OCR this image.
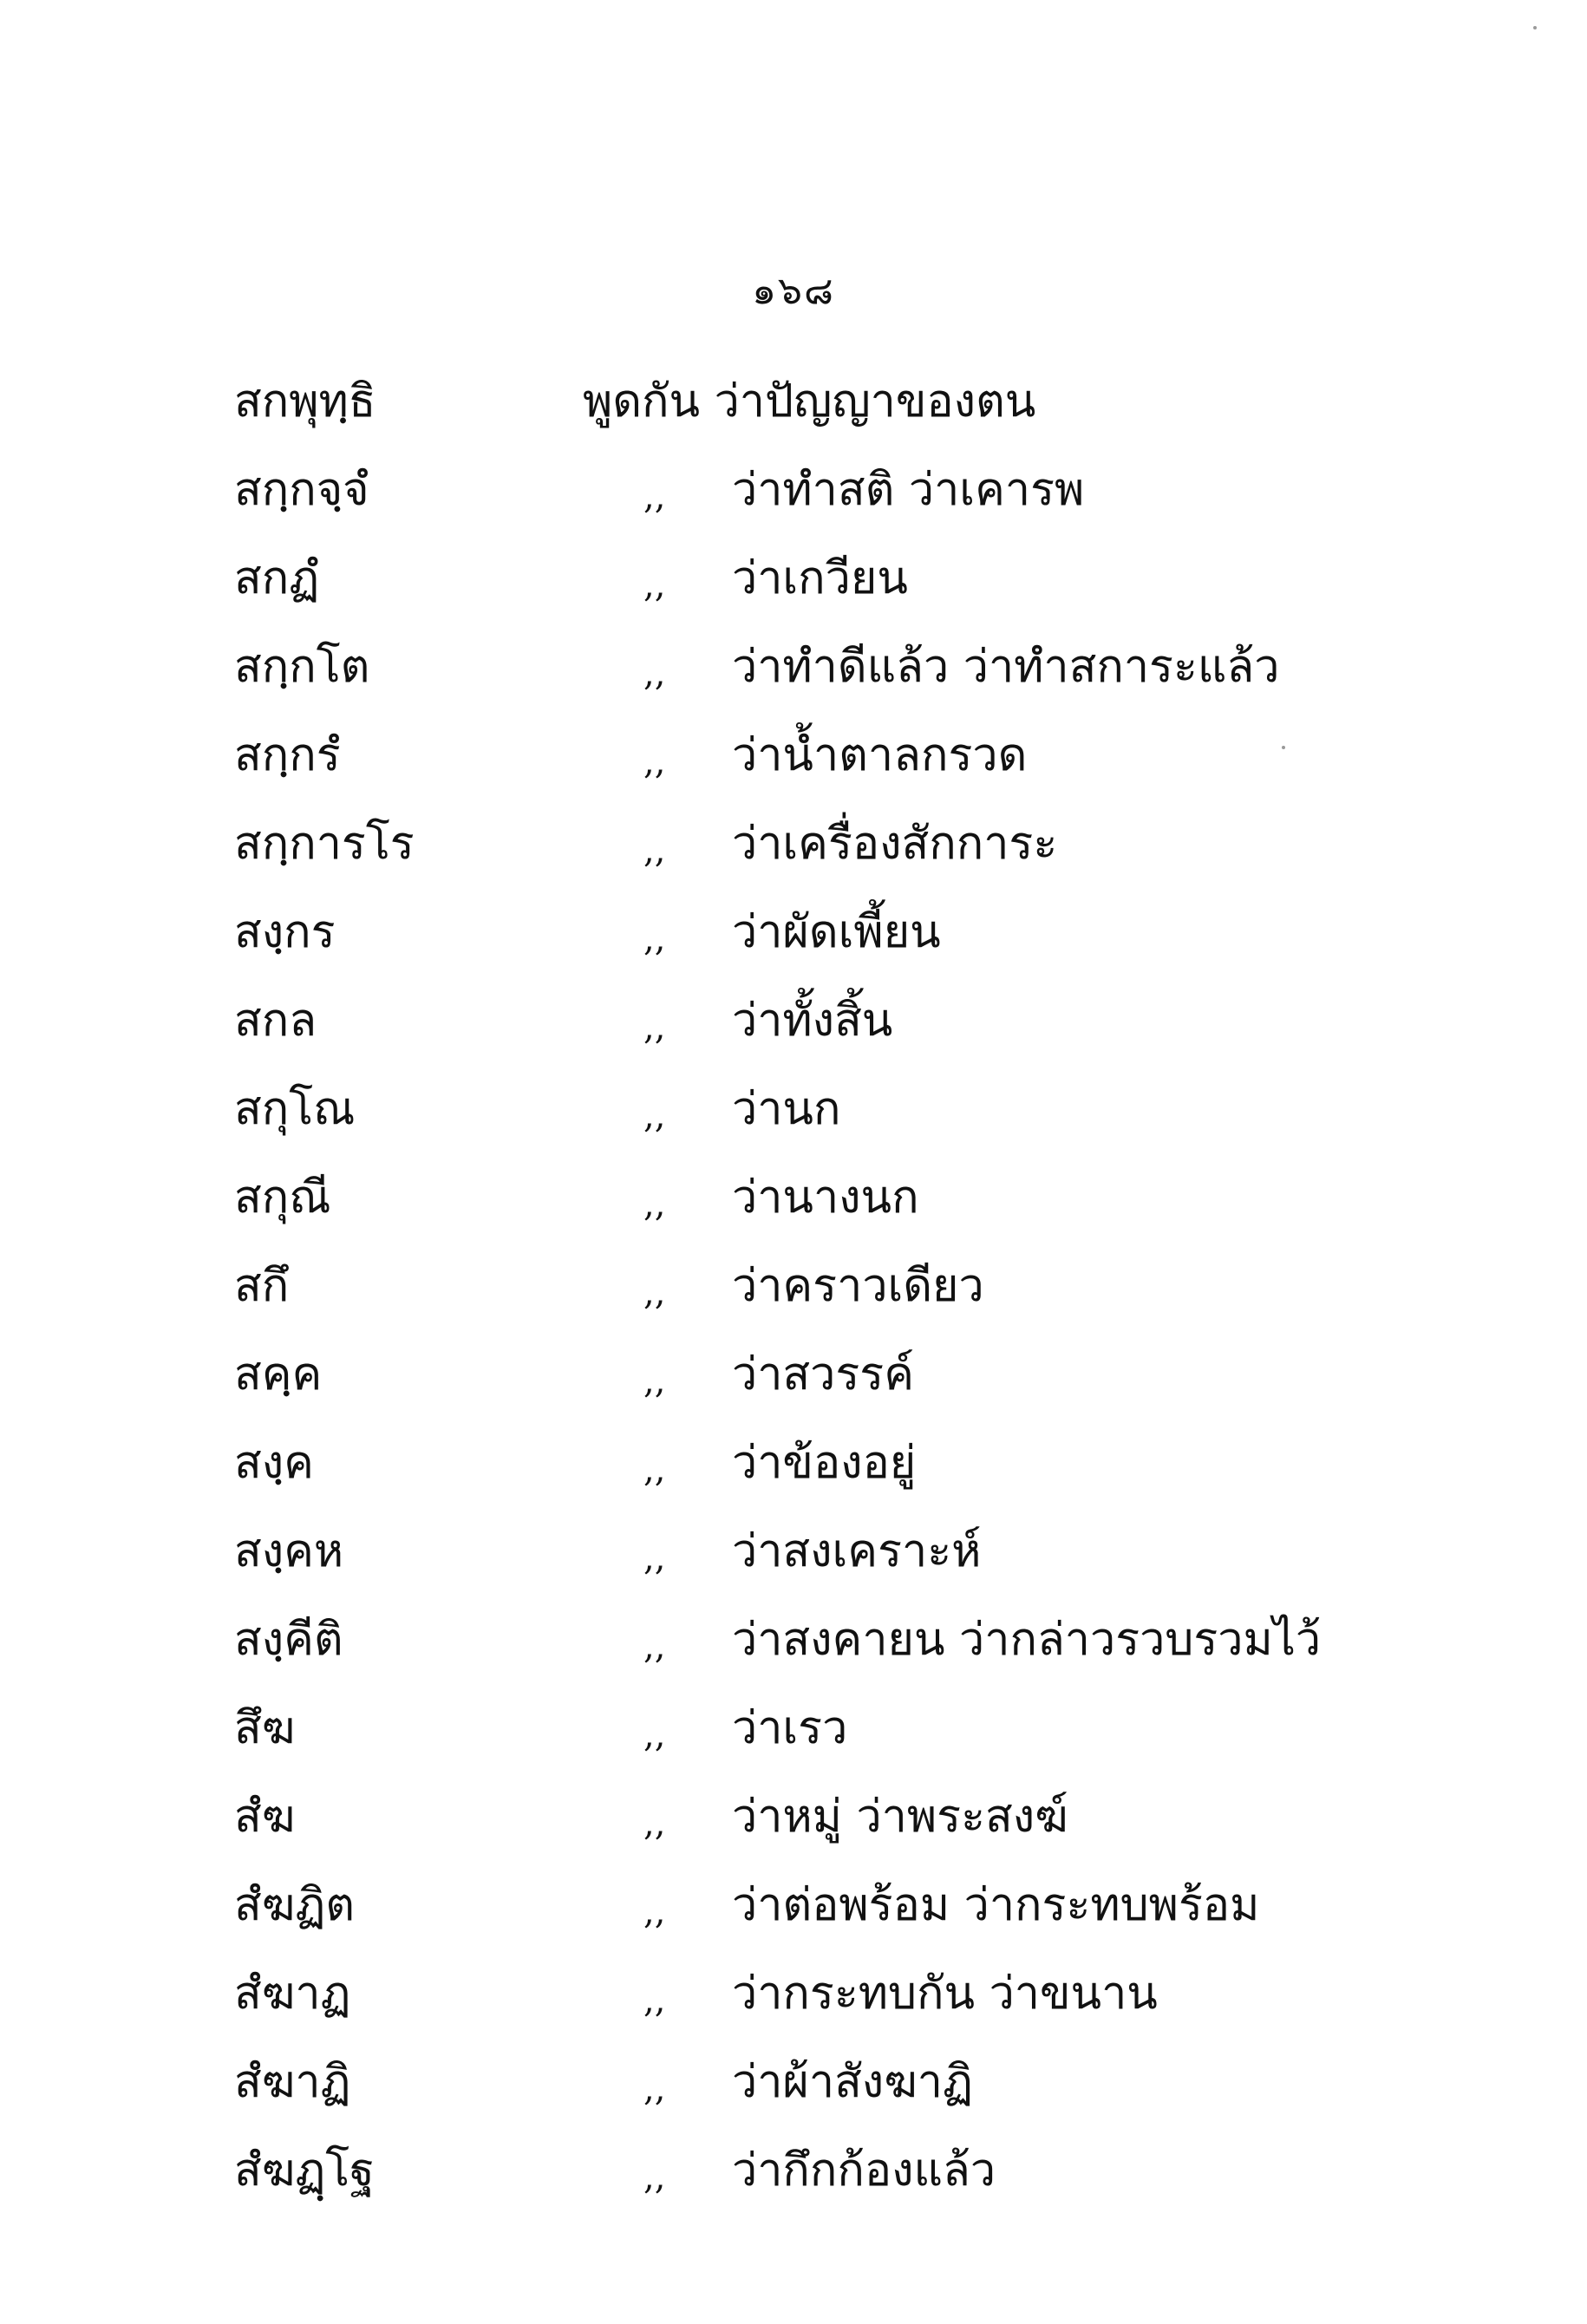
๑๖๘
สกพุทฺธิ	พูดกัน ว่าปัญญาของตน
สกฺกจฺจํ	,, ว่าทำสติ ว่าเคารพ
สกฏํ	,, ว่าเกวียน
สกฺกโต	,, ว่าทำดีแล้ว ว่าทำสการะแล้ว
สกฺกรํ	,, ว่าน้ำตาลกรวด
สกฺการโร	,, ว่าเครื่องสักการะ
สงฺกร	,, ว่าผัดเพี้ยน
สกล	,, ว่าทั้งสิ้น
สกุโณ	,, ว่านก
สกุณี	,, ว่านางนก
สกึ	,, ว่าคราวเดียว
สคฺค	,, ว่าสวรรค์
สงฺค	,, ว่าข้องอยู่
สงฺคห	,, ว่าสงเคราะห์
สงฺคีติ	,, ว่าสงคายน ว่ากล่าวรวบรวมไว้
สึฆ	,, ว่าเรว
สํฆ	,, ว่าหมู่ ว่าพระสงฆ์
สํฆฏิต	,, ว่าต่อพร้อม ว่ากระทบพร้อม
สํฆาฏ	,, ว่ากระทบกัน ว่าขนาน
สํฆาฏิ	,, ว่าผ้าสังฆาฏิ
สํฆฏฺโฐ	,, ว่ากึกก้องแล้ว
